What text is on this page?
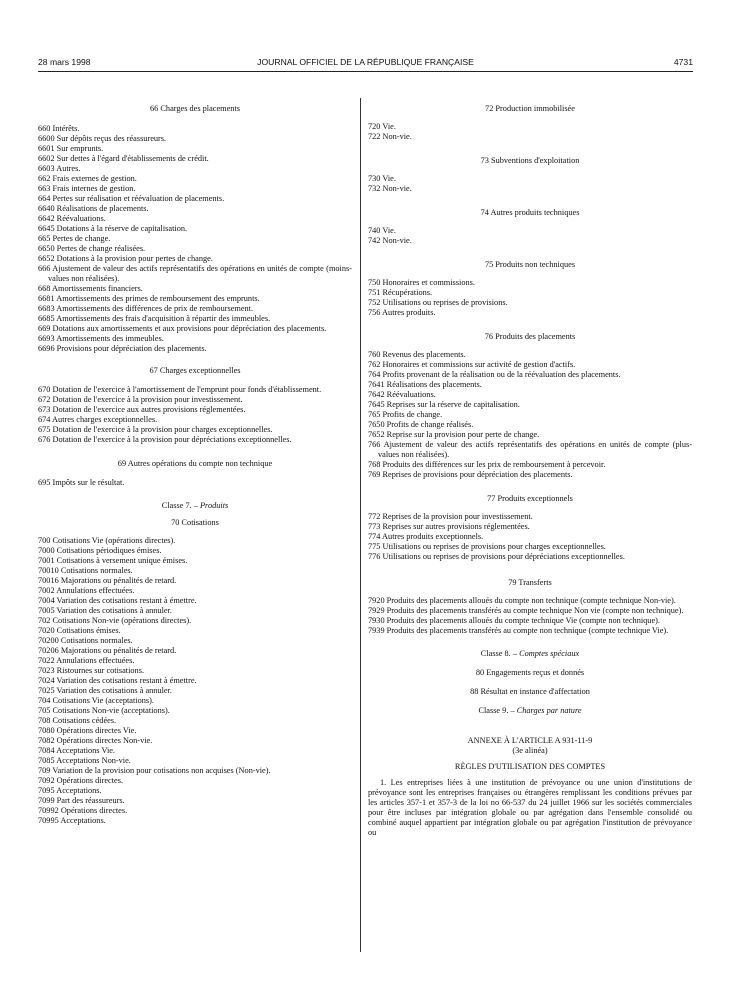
28 mars 1998	JOURNAL OFFICIEL DE LA RÉPUBLIQUE FRANÇAISE	4731

66 Charges des placements

660 Intérêts.

6600 Sur dépôts reçus des réassureurs.

6601 Sur emprunts.

6602 Sur dettes à l'égard d'établissements de crédit.

6603 Autres.

662 Frais externes de gestion.

663 Frais internes de gestion.

664 Pertes sur réalisation et réévaluation de placements.

6640 Réalisations de placements.

6642 Réévaluations.

6645 Dotations à la réserve de capitalisation.

665 Pertes de change.

6650 Pertes de change réalisées.

6652 Dotations à la provision pour pertes de change.

666 Ajustement de valeur des actifs représentatifs des opérations en unités de compte (moins-values non réalisées).

668 Amortissements financiers.

6681 Amortissements des primes de remboursement des emprunts.

6683 Amortissements des différences de prix de remboursement.

6685 Amortissements des frais d'acquisition à répartir des immeubles.

669 Dotations aux amortissements et aux provisions pour dépréciation des placements.

6693 Amortissements des immeubles.

6696 Provisions pour dépréciation des placements.

67 Charges exceptionnelles

670 Dotation de l'exercice à l'amortissement de l'emprunt pour fonds d'établissement.

672 Dotation de l'exercice à la provision pour investissement.

673 Dotation de l'exercice aux autres provisions réglementées.

674 Autres charges exceptionnelles.

675 Dotation de l'exercice à la provision pour charges exceptionnelles.

676 Dotation de l'exercice à la provision pour dépréciations exceptionnelles.

69 Autres opérations du compte non technique

695 Impôts sur le résultat.

Classe 7. – Produits

70 Cotisations

700 Cotisations Vie (opérations directes).

7000 Cotisations périodiques émises.

7001 Cotisations à versement unique émises.

70010 Cotisations normales.

70016 Majorations ou pénalités de retard.

7002 Annulations effectuées.

7004 Variation des cotisations restant à émettre.

7005 Variation des cotisations à annuler.

702 Cotisations Non-vie (opérations directes).

7020 Cotisations émises.

70200 Cotisations normales.

70206 Majorations ou pénalités de retard.

7022 Annulations effectuées.

7023 Ristournes sur cotisations.

7024 Variation des cotisations restant à émettre.

7025 Variation des cotisations à annuler.

704 Cotisations Vie (acceptations).

705 Cotisations Non-vie (acceptations).

708 Cotisations cédées.

7080 Opérations directes Vie.

7082 Opérations directes Non-vie.

7084 Acceptations Vie.

7085 Acceptations Non-vie.

709 Variation de la provision pour cotisations non acquises (Non-vie).

7092 Opérations directes.

7095 Acceptations.

7099 Part des réassureurs.

70992 Opérations directes.

70995 Acceptations.

72 Production immobilisée

720 Vie.

722 Non-vie.

73 Subventions d'exploitation

730 Vie.

732 Non-vie.

74 Autres produits techniques

740 Vie.

742 Non-vie.

75 Produits non techniques

750 Honoraires et commissions.

751 Récupérations.

752 Utilisations ou reprises de provisions.

756 Autres produits.

76 Produits des placements

760 Revenus des placements.

762 Honoraires et commissions sur activité de gestion d'actifs.

764 Profits provenant de la réalisation ou de la réévaluation des placements.

7641 Réalisations des placements.

7642 Réévaluations.

7645 Reprises sur la réserve de capitalisation.

765 Profits de change.

7650 Profits de change réalisés.

7652 Reprise sur la provision pour perte de change.

766 Ajustement de valeur des actifs représentatifs des opérations en unités de compte (plus-values non réalisées).

768 Produits des différences sur les prix de remboursement à percevoir.

769 Reprises de provisions pour dépréciation des placements.

77 Produits exceptionnels

772 Reprises de la provision pour investissement.

773 Reprises sur autres provisions réglementées.

774 Autres produits exceptionnels.

775 Utilisations ou reprises de provisions pour charges exceptionnelles.

776 Utilisations ou reprises de provisions pour dépréciations exceptionnelles.

79 Transferts

7920 Produits des placements alloués du compte non technique (compte technique Non-vie).

7929 Produits des placements transférés au compte technique Non vie (compte non technique).

7930 Produits des placements alloués du compte technique Vie (compte non technique).

7939 Produits des placements transférés au compte non technique (compte technique Vie).

Classe 8. – Comptes spéciaux

80 Engagements reçus et donnés

88 Résultat en instance d'affectation

Classe 9. – Charges par nature

ANNEXE À L'ARTICLE A 931-11-9

(3e alinéa)

RÈGLES D'UTILISATION DES COMPTES

1. Les entreprises liées à une institution de prévoyance ou une union d'institutions de prévoyance sont les entreprises françaises ou étrangères remplissant les conditions prévues par les articles 357-1 et 357-3 de la loi no 66-537 du 24 juillet 1966 sur les sociétés commerciales pour être incluses par intégration globale ou par agrégation dans l'ensemble consolidé ou combiné auquel appartient par intégration globale ou par agrégation l'institution de prévoyance ou
